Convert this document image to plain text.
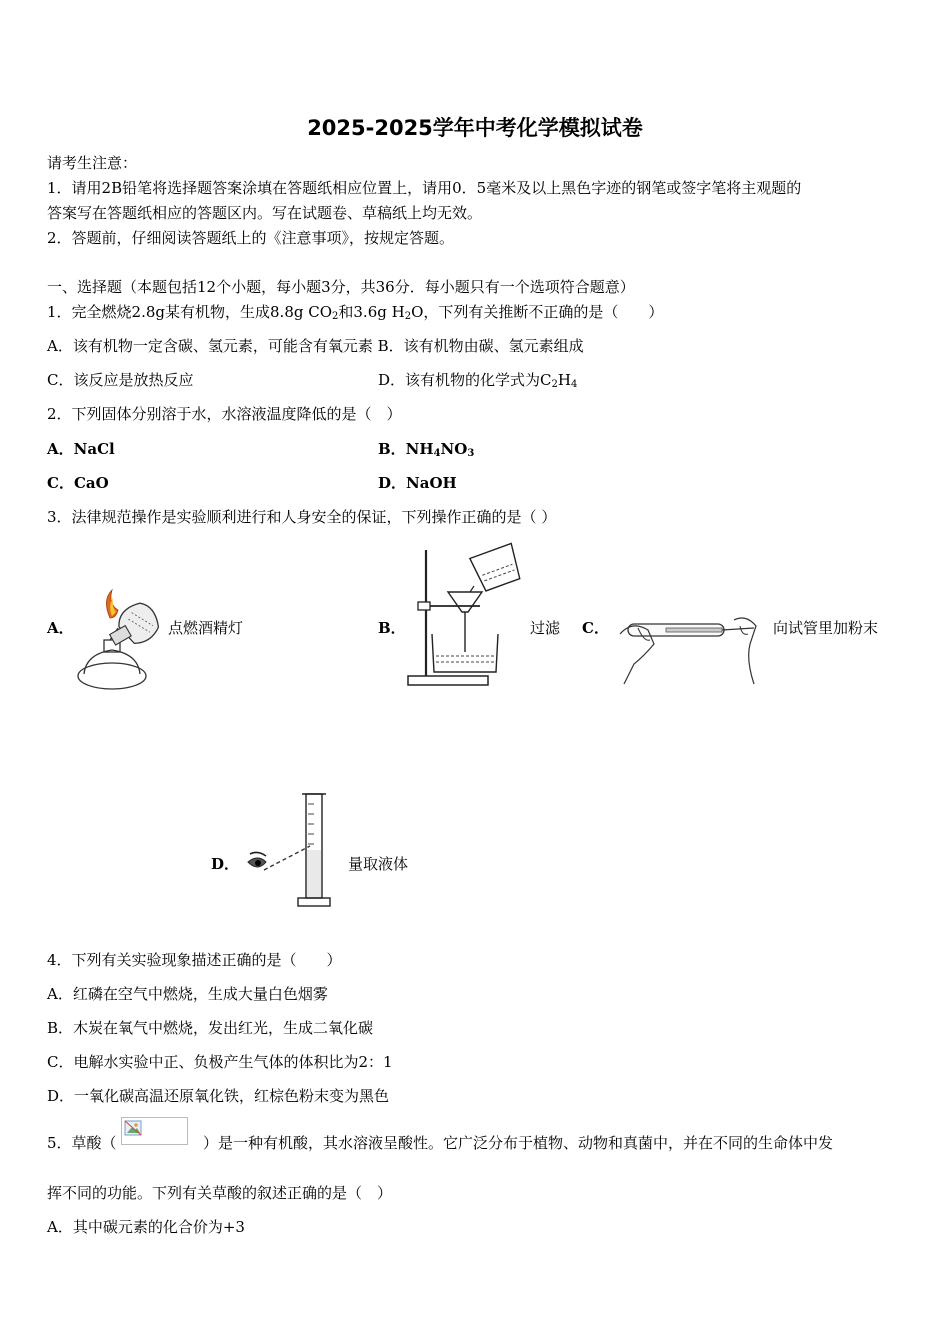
2025-2025学年中考化学模拟试卷
请考生注意：
1．请用2B铅笔将选择题答案涂填在答题纸相应位置上，请用0．5毫米及以上黑色字迹的钢笔或签字笔将主观题的
答案写在答题纸相应的答题区内。写在试题卷、草稿纸上均无效。
2．答题前，仔细阅读答题纸上的《注意事项》，按规定答题。
一、选择题（本题包括12个小题，每小题3分，共36分．每小题只有一个选项符合题意）
1．完全燃烧2.8g某有机物，生成8.8g $CO_2$和3.6g $H_2O$，下列有关推断不正确的是（　　）
A．该有机物一定含碳、氢元素，可能含有氧元素 B．该有机物由碳、氢元素组成
C．该反应是放热反应	D．该有机物的化学式为$C_2H_4$
2．下列固体分别溶于水，水溶液温度降低的是（　）
A．NaCl	B．$NH_4NO_3$
C．CaO	D．NaOH
3．法律规范操作是实验顺利进行和人身安全的保证，下列操作正确的是（ ）
A．	点燃酒精灯	B．	过滤 C．	向试管里加粉末
D．	量取液体
4．下列有关实验现象描述正确的是（　　）
A．红磷在空气中燃烧，生成大量白色烟雾
B．木炭在氧气中燃烧，发出红光，生成二氧化碳
C．电解水实验中正、负极产生气体的体积比为2：1
D．一氧化碳高温还原氧化铁，红棕色粉末变为黑色
5．草酸（	）是一种有机酸，其水溶液呈酸性。它广泛分布于植物、动物和真菌中，并在不同的生命体中发
挥不同的功能。下列有关草酸的叙述正确的是（　）
A．其中碳元素的化合价为+3
